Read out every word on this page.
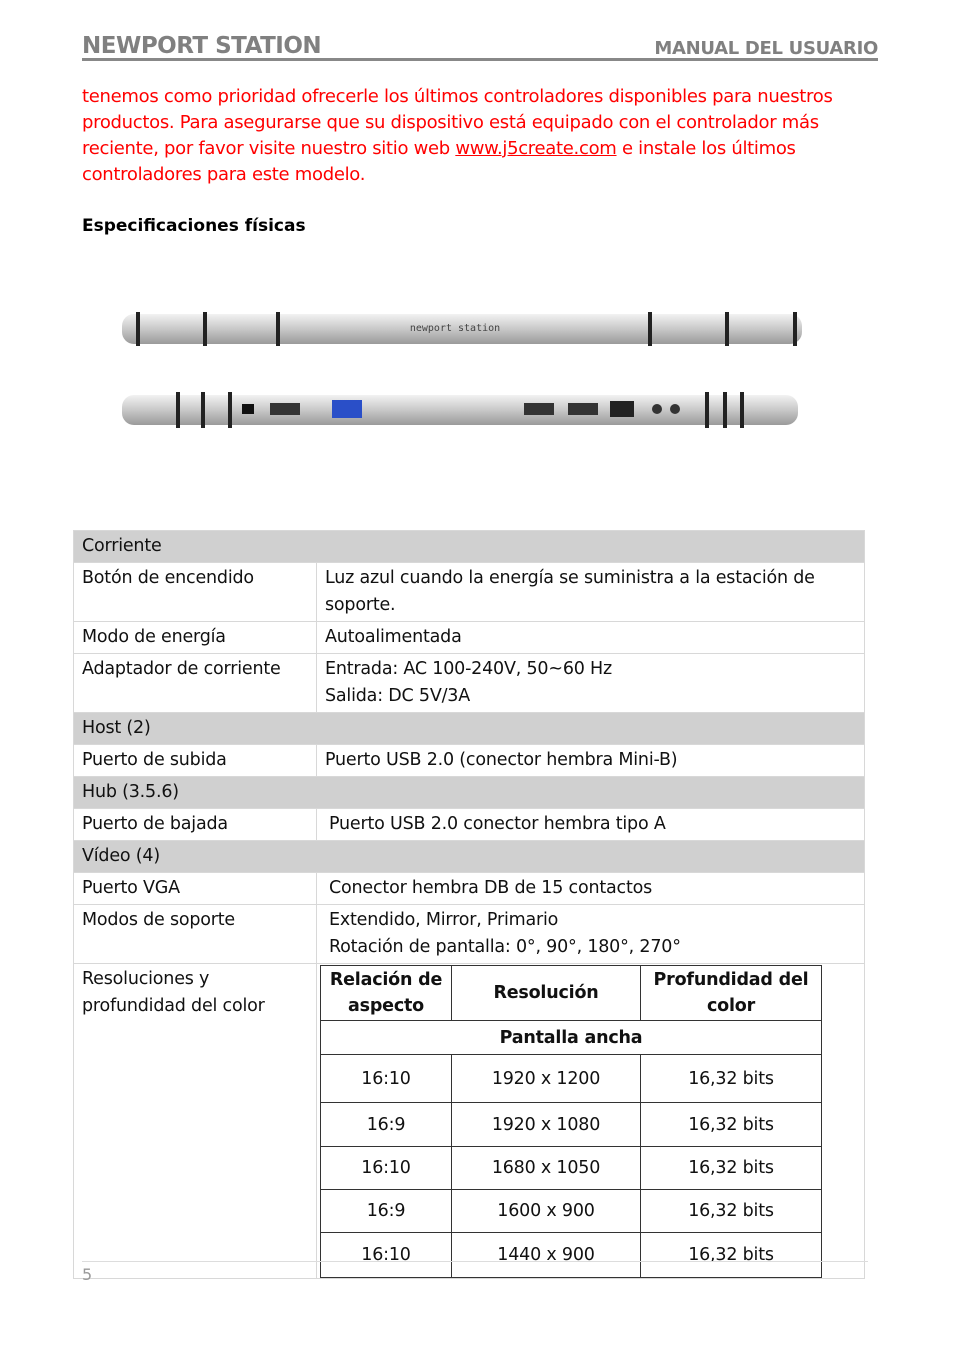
NEWPORT STATION	MANUAL DEL USUARIO
tenemos como prioridad ofrecerle los últimos controladores disponibles para nuestros productos. Para asegurarse que su dispositivo está equipado con el controlador más reciente, por favor visite nuestro sitio web www.j5create.com e instale los últimos controladores para este modelo.
Especificaciones físicas
newport station
Corriente
Botón de encendido	Luz azul cuando la energía se suministra a la estación de soporte.
Modo de energía	Autoalimentada
Adaptador de corriente	Entrada: AC 100-240V, 50~60 Hz
Salida: DC 5V/3A

Host (2)
Puerto de subida	Puerto USB 2.0 (conector hembra Mini-B)
Hub (3.5.6)
Puerto de bajada	Puerto USB 2.0 conector hembra tipo A
Vídeo (4)
Puerto VGA	Conector hembra DB de 15 contactos
Modos de soporte	Extendido, Mirror, Primario
Rotación de pantalla: 0°, 90°, 180°, 270°

Resoluciones y profundidad del color	
Relación de aspecto	Resolución	Profundidad del color
Pantalla ancha
16:10	1920 x 1200	16,32 bits
16:9	1920 x 1080	16,32 bits
16:10	1680 x 1050	16,32 bits
16:9	1600 x 900	16,32 bits
16:10	1440 x 900	16,32 bits
5
